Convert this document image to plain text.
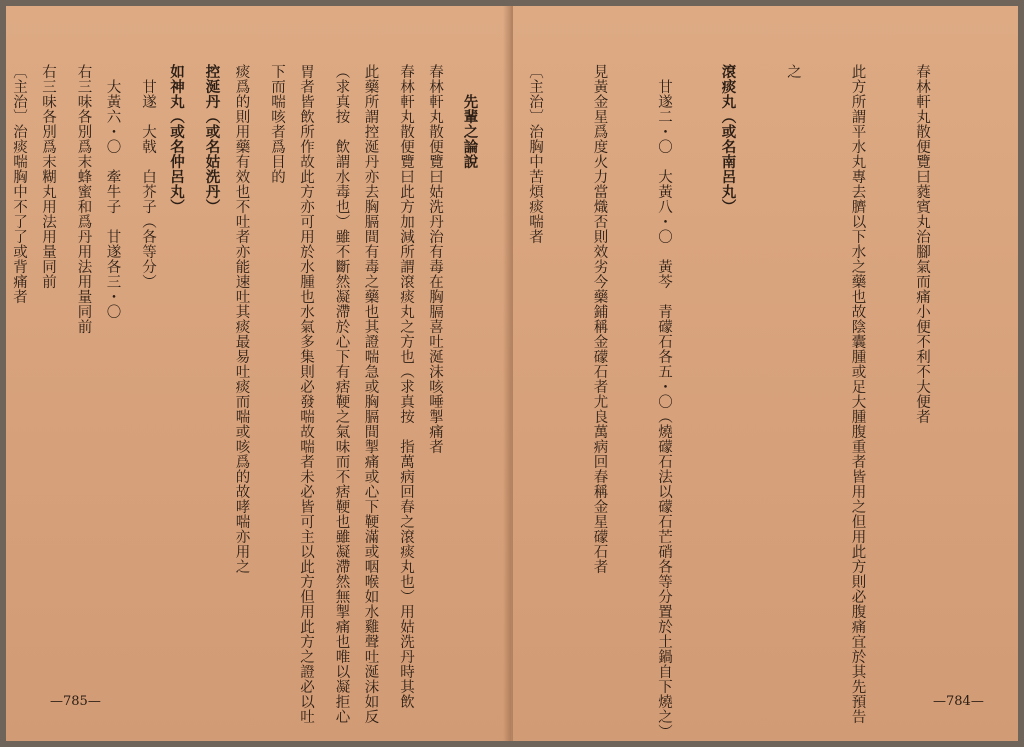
春林軒丸散便覽曰姑洗丹治有毒在胸膈喜吐涎沫咳唾掣痛者

此藥所謂控涎丹亦去胸膈間有毒之藥也其證喘急或胸膈間掣痛或心下鞕滿或咽喉如水雞聲吐涎沫如反

胃者皆飲所作故此方亦可用於水腫也水氣多集則必發喘故喘者未必皆可主以此方但用此方之證必以吐

痰爲的則用藥有效也不吐者亦能速吐其痰最易吐痰而喘或咳爲的故哮喘亦用之

如神丸（或名仲呂丸）

　大黃六・〇　牽牛子　甘遂各三・〇

右三味各別爲末糊丸用法用量同前

—785—

春林軒丸散便覽曰蕤賓丸治腳氣而痛小便不利不大便者

此方所謂平水丸專去臍以下水之藥也故陰囊腫或足大腫腹重者皆用之但用此方則必腹痛宜於其先預告

之

滾痰丸（或名南呂丸）

　甘遂二・〇　大黃八・〇　黃芩　青礞石各五・〇（燒礞石法以礞石芒硝各等分置於土鍋自下燒之）

見黃金星爲度火力當熾否則效劣今藥鋪稱金礞石者尤良萬病回春稱金星礞石者

〔主治〕治胸中苦煩痰喘者

　　先輩之論說

春林軒丸散便覽曰此方加減所謂滾痰丸之方也（求真按　指萬病回春之滾痰丸也）用姑洗丹時其飲

（求真按　飲謂水毒也）雖不斷然凝滯於心下有痞鞕之氣味而不痞鞕也雖凝滯然無掣痛也唯以凝拒心

下而喘咳者爲目的

控涎丹（或名姑洗丹）

　甘遂　大戟　白芥子（各等分）

右三味各別爲末蜂蜜和爲丹用法用量同前

〔主治〕治痰喘胸中不了了或背痛者

—784—
